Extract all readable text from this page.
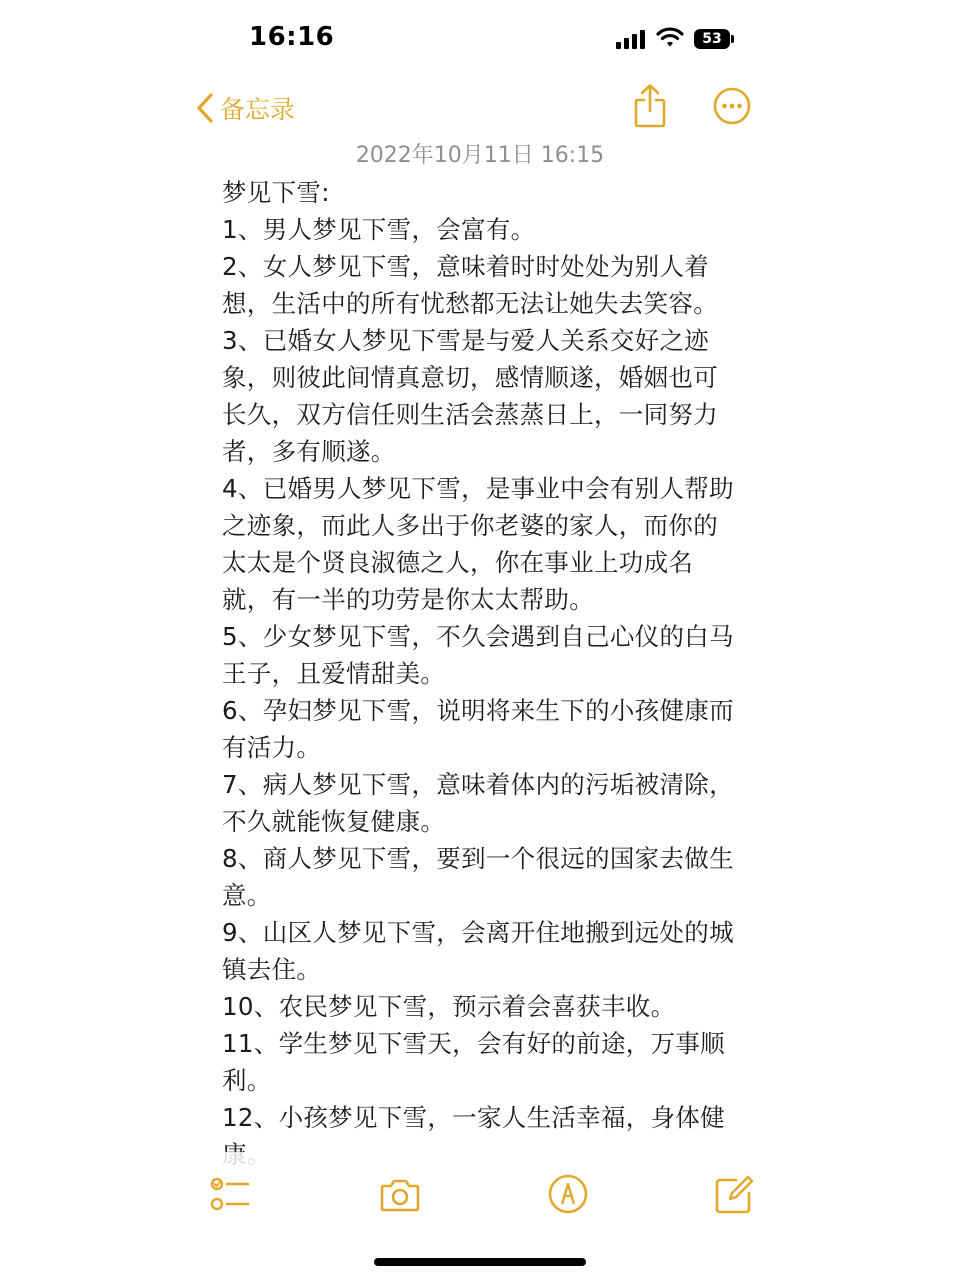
16:16	53
备忘录
2022年10月11日 16:15

梦见下雪:

1、男人梦见下雪，会富有。

2、女人梦见下雪，意味着时时处处为别人着想，生活中的所有忧愁都无法让她失去笑容。

3、已婚女人梦见下雪是与爱人关系交好之迹象，则彼此间情真意切，感情顺遂，婚姻也可长久，双方信任则生活会蒸蒸日上，一同努力者，多有顺遂。

4、已婚男人梦见下雪，是事业中会有别人帮助之迹象，而此人多出于你老婆的家人，而你的太太是个贤良淑德之人，你在事业上功成名就，有一半的功劳是你太太帮助。

5、少女梦见下雪，不久会遇到自己心仪的白马王子，且爱情甜美。

6、孕妇梦见下雪，说明将来生下的小孩健康而有活力。

7、病人梦见下雪，意味着体内的污垢被清除，不久就能恢复健康。

8、商人梦见下雪，要到一个很远的国家去做生意。

9、山区人梦见下雪，会离开住地搬到远处的城镇去住。

10、农民梦见下雪，预示着会喜获丰收。

11、学生梦见下雪天，会有好的前途，万事顺利。

12、小孩梦见下雪，一家人生活幸福，身体健
